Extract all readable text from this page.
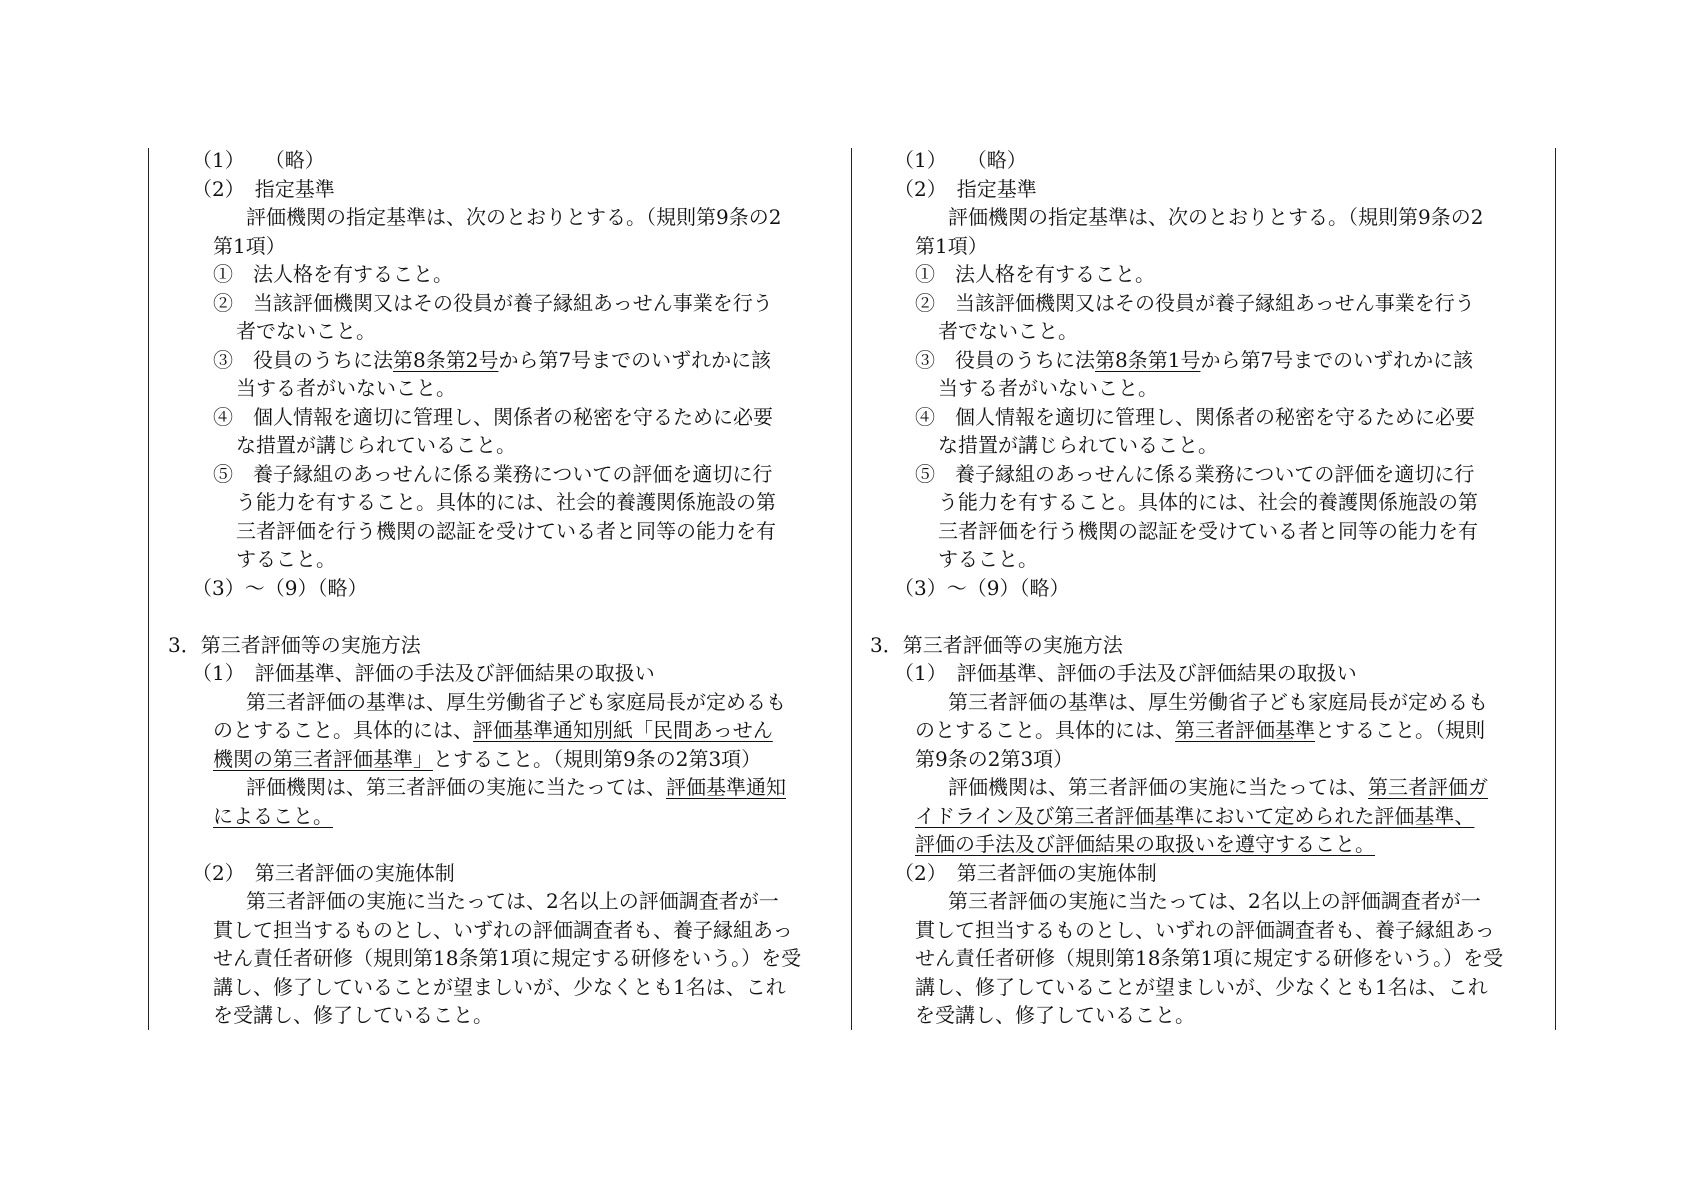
（1）　　（略）
（2）　指定基準
評価機関の指定基準は、次のとおりとする。（規則第9条の2
第1項）
①　法人格を有すること。
②　当該評価機関又はその役員が養子縁組あっせん事業を行う
者でないこと。
③　役員のうちに法第8条第2号から第7号までのいずれかに該
当する者がいないこと。
④　個人情報を適切に管理し、関係者の秘密を守るために必要
な措置が講じられていること。
⑤　養子縁組のあっせんに係る業務についての評価を適切に行
う能力を有すること。具体的には、社会的養護関係施設の第
三者評価を行う機関の認証を受けている者と同等の能力を有
すること。
（3）～（9）（略）
3．第三者評価等の実施方法
（1）　評価基準、評価の手法及び評価結果の取扱い
第三者評価の基準は、厚生労働省子ども家庭局長が定めるも
のとすること。具体的には、評価基準通知別紙「民間あっせん
機関の第三者評価基準」とすること。（規則第9条の2第3項）
評価機関は、第三者評価の実施に当たっては、評価基準通知
によること。
（2）　第三者評価の実施体制
第三者評価の実施に当たっては、2名以上の評価調査者が一
貫して担当するものとし、いずれの評価調査者も、養子縁組あっ
せん責任者研修（規則第18条第1項に規定する研修をいう。）を受
講し、修了していることが望ましいが、少なくとも1名は、これ
を受講し、修了していること。
（1）　　（略）
（2）　指定基準
評価機関の指定基準は、次のとおりとする。（規則第9条の2
第1項）
①　法人格を有すること。
②　当該評価機関又はその役員が養子縁組あっせん事業を行う
者でないこと。
③　役員のうちに法第8条第1号から第7号までのいずれかに該
当する者がいないこと。
④　個人情報を適切に管理し、関係者の秘密を守るために必要
な措置が講じられていること。
⑤　養子縁組のあっせんに係る業務についての評価を適切に行
う能力を有すること。具体的には、社会的養護関係施設の第
三者評価を行う機関の認証を受けている者と同等の能力を有
すること。
（3）～（9）（略）
3．第三者評価等の実施方法
（1）　評価基準、評価の手法及び評価結果の取扱い
第三者評価の基準は、厚生労働省子ども家庭局長が定めるも
のとすること。具体的には、第三者評価基準とすること。（規則
第9条の2第3項）
評価機関は、第三者評価の実施に当たっては、第三者評価ガ
イドライン及び第三者評価基準において定められた評価基準、
評価の手法及び評価結果の取扱いを遵守すること。
（2）　第三者評価の実施体制
第三者評価の実施に当たっては、2名以上の評価調査者が一
貫して担当するものとし、いずれの評価調査者も、養子縁組あっ
せん責任者研修（規則第18条第1項に規定する研修をいう。）を受
講し、修了していることが望ましいが、少なくとも1名は、これ
を受講し、修了していること。
